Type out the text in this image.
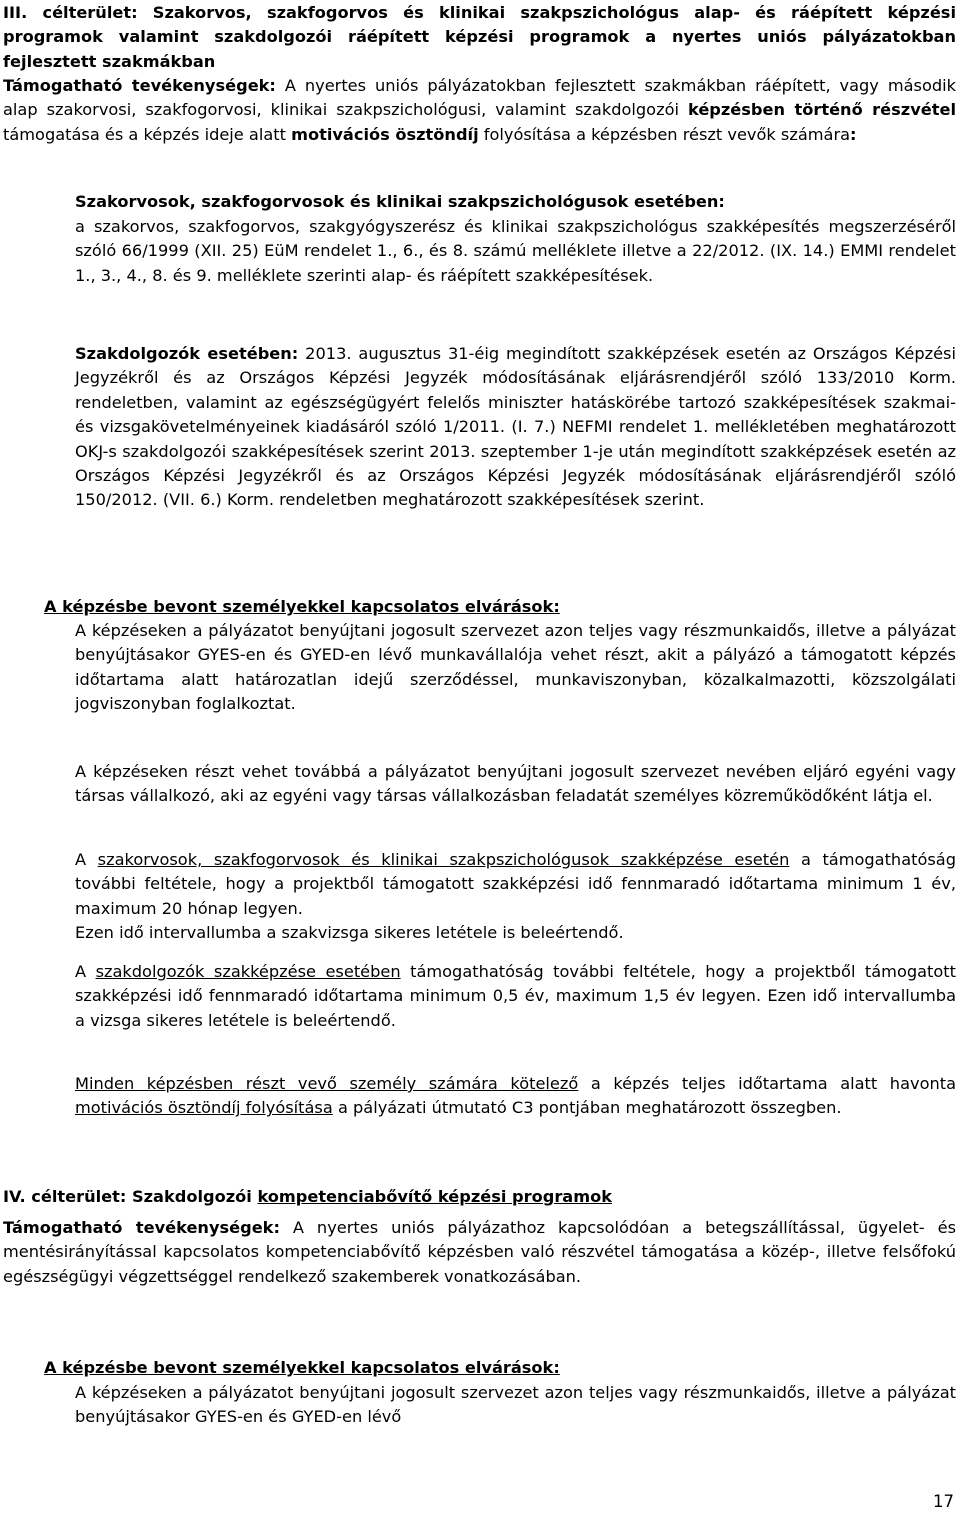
III. célterület: Szakorvos, szakfogorvos és klinikai szakpszichológus alap- és ráépített képzési programok valamint szakdolgozói ráépített képzési programok a nyertes uniós pályázatokban fejlesztett szakmákban

Támogatható tevékenységek: A nyertes uniós pályázatokban fejlesztett szakmákban ráépített, vagy második alap szakorvosi, szakfogorvosi, klinikai szakpszichológusi, valamint szakdolgozói képzésben történő részvétel támogatása és a képzés ideje alatt motivációs ösztöndíj folyósítása a képzésben részt vevők számára:

Szakorvosok, szakfogorvosok és klinikai szakpszichológusok esetében:

a szakorvos, szakfogorvos, szakgyógyszerész és klinikai szakpszichológus szakképesítés megszerzéséről szóló 66/1999 (XII. 25) EüM rendelet 1., 6., és 8. számú melléklete illetve a 22/2012. (IX. 14.) EMMI rendelet 1., 3., 4., 8. és 9. melléklete szerinti alap- és ráépített szakképesítések.

Szakdolgozók esetében: 2013. augusztus 31-éig megindított szakképzések esetén az Országos Képzési Jegyzékről és az Országos Képzési Jegyzék módosításának eljárásrendjéről szóló 133/2010 Korm. rendeletben, valamint az egészségügyért felelős miniszter hatáskörébe tartozó szakképesítések szakmai- és vizsgakövetelményeinek kiadásáról szóló 1/2011. (I. 7.) NEFMI rendelet 1. mellékletében meghatározott OKJ-s szakdolgozói szakképesítések szerint 2013. szeptember 1-je után megindított szakképzések esetén az Országos Képzési Jegyzékről és az Országos Képzési Jegyzék módosításának eljárásrendjéről szóló 150/2012. (VII. 6.) Korm. rendeletben meghatározott szakképesítések szerint.

A képzésbe bevont személyekkel kapcsolatos elvárások:

A képzéseken a pályázatot benyújtani jogosult szervezet azon teljes vagy részmunkaidős, illetve a pályázat benyújtásakor GYES-en és GYED-en lévő munkavállalója vehet részt, akit a pályázó a támogatott képzés időtartama alatt határozatlan idejű szerződéssel, munkaviszonyban, közalkalmazotti, közszolgálati jogviszonyban foglalkoztat.

A képzéseken részt vehet továbbá a pályázatot benyújtani jogosult szervezet nevében eljáró egyéni vagy társas vállalkozó, aki az egyéni vagy társas vállalkozásban feladatát személyes közreműködőként látja el.

A szakorvosok, szakfogorvosok és klinikai szakpszichológusok szakképzése esetén a támogathatóság további feltétele, hogy a projektből támogatott szakképzési idő fennmaradó időtartama minimum 1 év, maximum 20 hónap legyen.

Ezen idő intervallumba a szakvizsga sikeres letétele is beleértendő.

A szakdolgozók szakképzése esetében támogathatóság további feltétele, hogy a projektből támogatott szakképzési idő fennmaradó időtartama minimum 0,5 év, maximum 1,5 év legyen. Ezen idő intervallumba a vizsga sikeres letétele is beleértendő.

Minden képzésben részt vevő személy számára kötelező a képzés teljes időtartama alatt havonta motivációs ösztöndíj folyósítása a pályázati útmutató C3 pontjában meghatározott összegben.

IV. célterület: Szakdolgozói kompetenciabővítő képzési programok

Támogatható tevékenységek: A nyertes uniós pályázathoz kapcsolódóan a betegszállítással, ügyelet- és mentésirányítással kapcsolatos kompetenciabővítő képzésben való részvétel támogatása a közép-, illetve felsőfokú egészségügyi végzettséggel rendelkező szakemberek vonatkozásában.

A képzésbe bevont személyekkel kapcsolatos elvárások:

A képzéseken a pályázatot benyújtani jogosult szervezet azon teljes vagy részmunkaidős, illetve a pályázat benyújtásakor GYES-en és GYED-en lévő

17
